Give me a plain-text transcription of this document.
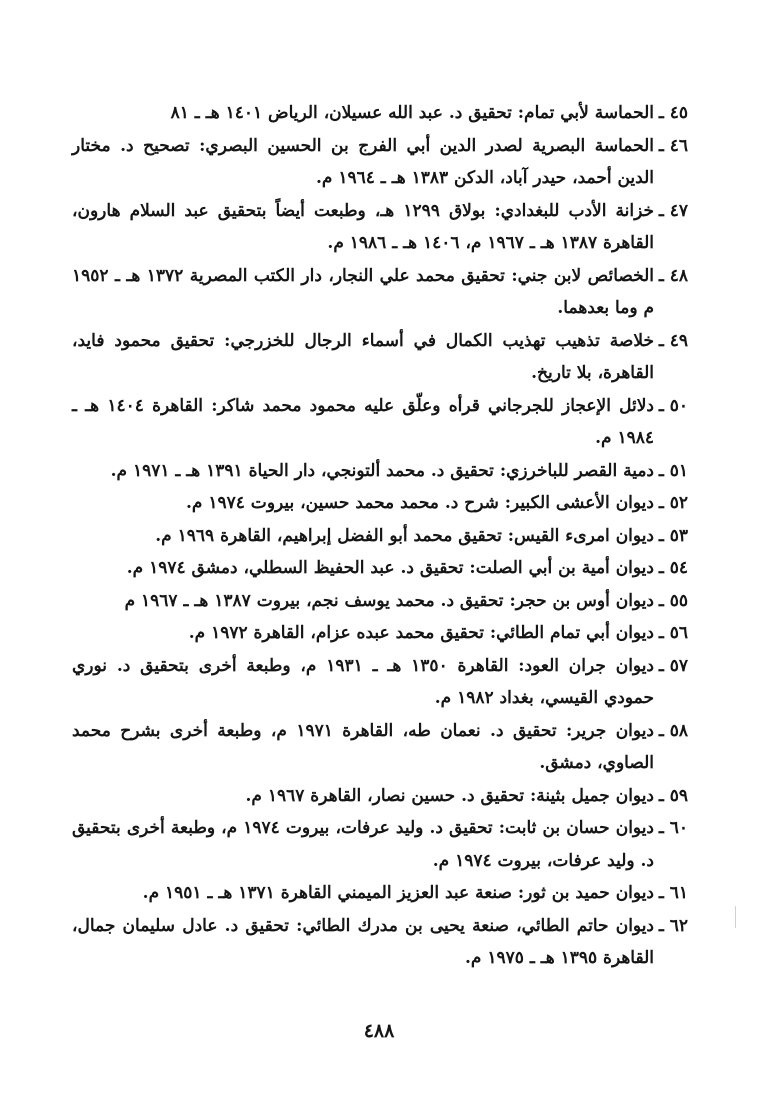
٤٥ ـ
الحماسة لأبي تمام: تحقيق د. عبد الله عسيلان، الرياض ١٤٠١ هـ ـ ٨١
٤٦ ـ
الحماسة البصرية لصدر الدين أبي الفرج بن الحسين البصري: تصحيح د. مختار الدين أحمد، حيدر آباد، الدكن ١٣٨٣ هـ ـ ١٩٦٤ م.
٤٧ ـ
خزانة الأدب للبغدادي: بولاق ١٢٩٩ هـ، وطبعت أيضاً بتحقيق عبد السلام هارون، القاهرة ١٣٨٧ هـ ـ ١٩٦٧ م، ١٤٠٦ هـ ـ ١٩٨٦ م.
٤٨ ـ
الخصائص لابن جني: تحقيق محمد علي النجار، دار الكتب المصرية ١٣٧٢ هـ ـ ١٩٥٢ م وما بعدهما.
٤٩ ـ
خلاصة تذهيب تهذيب الكمال في أسماء الرجال للخزرجي: تحقيق محمود فايد، القاهرة، بلا تاريخ.
٥٠ ـ
دلائل الإعجاز للجرجاني قرأه وعلّق عليه محمود محمد شاكر: القاهرة ١٤٠٤ هـ ـ ١٩٨٤ م.
٥١ ـ
دمية القصر للباخرزي: تحقيق د. محمد ألتونجي، دار الحياة ١٣٩١ هـ ـ ١٩٧١ م.
٥٢ ـ
ديوان الأعشى الكبير: شرح د. محمد محمد حسين، بيروت ١٩٧٤ م.
٥٣ ـ
ديوان امرىء القيس: تحقيق محمد أبو الفضل إبراهيم، القاهرة ١٩٦٩ م.
٥٤ ـ
ديوان أمية بن أبي الصلت: تحقيق د. عبد الحفيظ السطلي، دمشق ١٩٧٤ م.
٥٥ ـ
ديوان أوس بن حجر: تحقيق د. محمد يوسف نجم، بيروت ١٣٨٧ هـ ـ ١٩٦٧ م
٥٦ ـ
ديوان أبي تمام الطائي: تحقيق محمد عبده عزام، القاهرة ١٩٧٢ م.
٥٧ ـ
ديوان جران العود: القاهرة ١٣٥٠ هـ ـ ١٩٣١ م، وطبعة أخرى بتحقيق د. نوري حمودي القيسي، بغداد ١٩٨٢ م.
٥٨ ـ
ديوان جرير: تحقيق د. نعمان طه، القاهرة ١٩٧١ م، وطبعة أخرى بشرح محمد الصاوي، دمشق.
٥٩ ـ
ديوان جميل بثينة: تحقيق د. حسين نصار، القاهرة ١٩٦٧ م.
٦٠ ـ
ديوان حسان بن ثابت: تحقيق د. وليد عرفات، بيروت ١٩٧٤ م، وطبعة أخرى بتحقيق د. وليد عرفات، بيروت ١٩٧٤ م.
٦١ ـ
ديوان حميد بن ثور: صنعة عبد العزيز الميمني القاهرة ١٣٧١ هـ ـ ١٩٥١ م.
٦٢ ـ
ديوان حاتم الطائي، صنعة يحيى بن مدرك الطائي: تحقيق د. عادل سليمان جمال، القاهرة ١٣٩٥ هـ ـ ١٩٧٥ م.
٤٨٨
